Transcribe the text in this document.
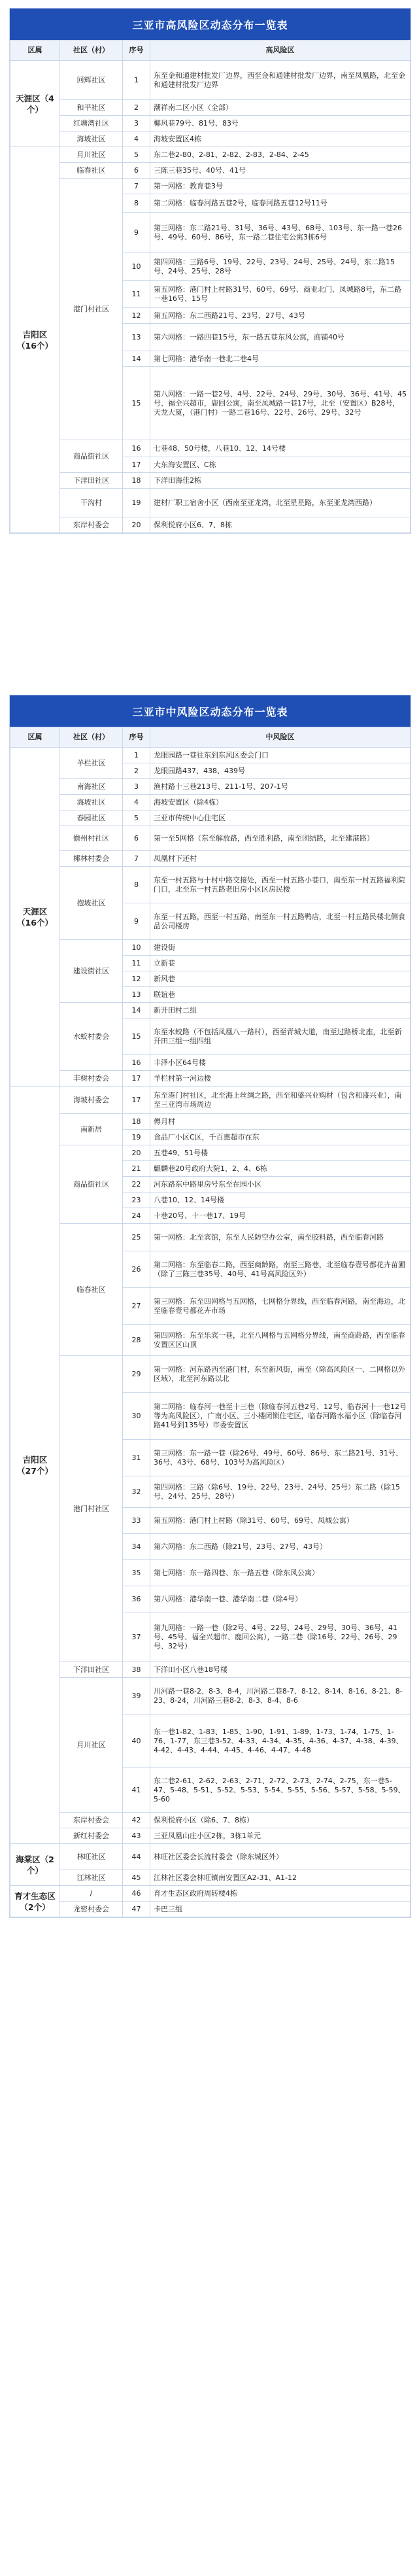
三亚市高风险区动态分布一览表
区属	社区（村）	序号	高风险区
天涯区（4个）	回辉社区	1	东至金和通建材批发厂边界，西至金和通建材批发厂边界，南至凤凰路，北至金和通建材批发厂边界
	和平社区	2	潮祥南二区小区（全部）
	红塘湾社区	3	椰风巷79号、81号、83号
	海坡社区	4	海坡安置区4栋
吉阳区（16个）	月川社区	5	东二巷2-80、2-81、2-82、2-83、2-84、2-45
	临春社区	6	三陈三巷35号、40号、41号
	港门村社区	7	第一网格：教育巷3号
		8	第二网格：临春河路五巷2号，临春河路五巷12号11号
		9	第三网格：东二路21号、31号、36号、43号、68号、103号、东一路一巷26号、49号、60号、86号，东一路二巷住宅公寓3栋6号
		10	第四网格：三路6号、19号、22号、23号、24号、25号、24号，东二路15号、24号、25号、28号
		11	第五网格：港门村上村路31号、60号、69号、商业北门、凤城路8号，东二路一巷16号、15号
		12	第五网格：东二西路21号、23号、27号、43号
		13	第六网格：一路四巷15号，东一路五巷东风公寓，商铺40号
		14	第七网格：港华南一巷北二巷4号
		15	第八网格：一路一巷2号、4号、22号、24号、29号、30号、36号、41号、45号、福全兴超市，鹿回公寓，南至凤城路一巷17号，北至（安置区）B28号，天龙大厦，（港门村）一路二巷16号、22号、26号、29号、32号
	商品街社区	16	七巷48、50号楼，八巷10、12、14号楼
		17	大东海安置区、C栋
	下洋田社区	18	下洋田海佳2栋
	干沟村	19	建材厂职工宿舍小区（西南至亚龙湾，北至星星路，东至亚龙湾西路）
	东岸村委会	20	保利悦府小区6、7、8栋
三亚市中风险区动态分布一览表
区属	社区（村）	序号	中风险区
天涯区（16个）	羊栏社区	1	龙眼园路一巷往东到东风区委会门口
		2	龙眼园路437、438、439号
	南海社区	3	渔村路十三巷213号、211-1号、207-1号
	海坡社区	4	海坡安置区（除4栋）
	春园社区	5	三亚市传统中心住宅区
	儋州村社区	6	第一至5网格（东至解放路，西至胜利路，南至团结路，北至建港路）
	椰林村委会	7	凤凰村下还村
	抱坡社区	8	东至一村五路与十村中路交接处，西至一村五路小巷口，南至东一村五路福利院门口，北至东一村五路老旧房小区区房民楼
		9	东至一村五路，西至一村五路，南至东一村五路鸭店，北至一村五路民楼北侧食品公司楼房
	建设街社区	10	建设街
		11	立新巷
		12	新风巷
		13	联谊巷
	水蛟村委会	14	新开田村二组
		15	东至水蛟路（不包括凤凰八一路村），西至青城大道，南至过路桥北座，北至新开田三组一组四组
		16	丰泽小区64号楼
	丰树村委会	17	羊栏村第一河边楼
吉阳区（27个）	海坡村委会	17	东至港门村社区，北至海上丝绸之路，西至和盛兴业购材（包含和盛兴业），南至三亚湾市场周边
	南新居	18	傅月村
		19	食品厂小区C区，千百惠超市在东
	商品街社区	20	五巷49、51号楼
		21	麒麟巷20号政府大院1、2、4、6栋
		22	河东路东中路里房号东至在园小区
		23	八巷10、12、14号楼
		24	十巷20号、十一巷17、19号
	临春社区	25	第一网格：北至宾馆，东至人民防空办公室，南至胶料路，西至临春河路
		26	第二网格：东至临春二路，西至商龄路，南至三路巷，北至临春壹号都花卉苗圃（除了三陈三巷35号、40号、41号高风险区外）
		27	第三网格：东至四网格与五网格，七网格分界线，西至临春河路，南至海边，北至临春壹号都花卉市场
		28	第四网格：东至乐宾一巷，北至八网格与五网格分界线，南至商龄路，西至临春安置区区山顶
	港门村社区	29	第一网格：河东路西至港门村，东至新风街，南至（除高风险区一、二网格以外区域），北至河东路以北
		30	第二网格：临春河一巷至十三巷（除临春河五巷2号、12号、临春河十一巷12号等为高风险区），广南小区、三小楼闭锁住宅区，临春河路水福小区（除临春河路41号到135号）市委安置区
		31	第三网格：东一路一巷（除26号、49号、60号、86号、东二路21号、31号、36号、43号、68号、103号为高风险区）
		32	第四网格：三路（除6号、19号、22号、23号、24号、25号）东二路（除15号、24号、25号、28号）
		33	第五网格：港门村上村路（除31号、60号、69号、凤城公寓）
		34	第六网格：东二西路（除21号、23号、27号、43号）
		35	第七网格：东一路四巷、东一路五巷（除东风公寓）
		36	第八网格：港华南一巷、港华南二巷（除4号）
		37	第九网格：一路一巷（除2号、4号、22号、24号、29号、30号、36号、41号、45号、福全兴超市、鹿回公寓），一路二巷（除16号、22号、26号、29号、32号）
	下洋田社区	38	下洋田小区八巷18号楼
	月川社区	39	川河路一巷8-2、8-3、8-4，川河路二巷8-7、8-12、8-14、8-16、8-21、8-23、8-24，川河路三巷8-2、8-3、8-4、8-6
		40	东一巷1-82、1-83、1-85、1-90、1-91、1-89、1-73、1-74、1-75、1-76、1-77，东三巷3-52、4-33、4-34、4-35、4-36、4-37、4-38、4-39、4-42、4-43、4-44、4-45、4-46、4-47、4-48
		41	东二巷2-61、2-62、2-63、2-71、2-72、2-73、2-74、2-75，东一巷5-47、5-48、5-51、5-52、5-53、5-54、5-55、5-56、5-57、5-58、5-59、5-60
	东岸村委会	42	保利悦府小区（除6、7、8栋）
	新红村委会	43	三亚凤凰山庄小区2栋，3栋1单元
海棠区（2个）	林旺社区	44	林旺社区委会长流村委会（除东城区外）
	江林社区	45	江林社区委会林旺镇南安置区A2-31、A1-12
育才生态区（2个）	/	46	育才生态区政府周转楼4栋
	龙密村委会	47	卡巴三组
